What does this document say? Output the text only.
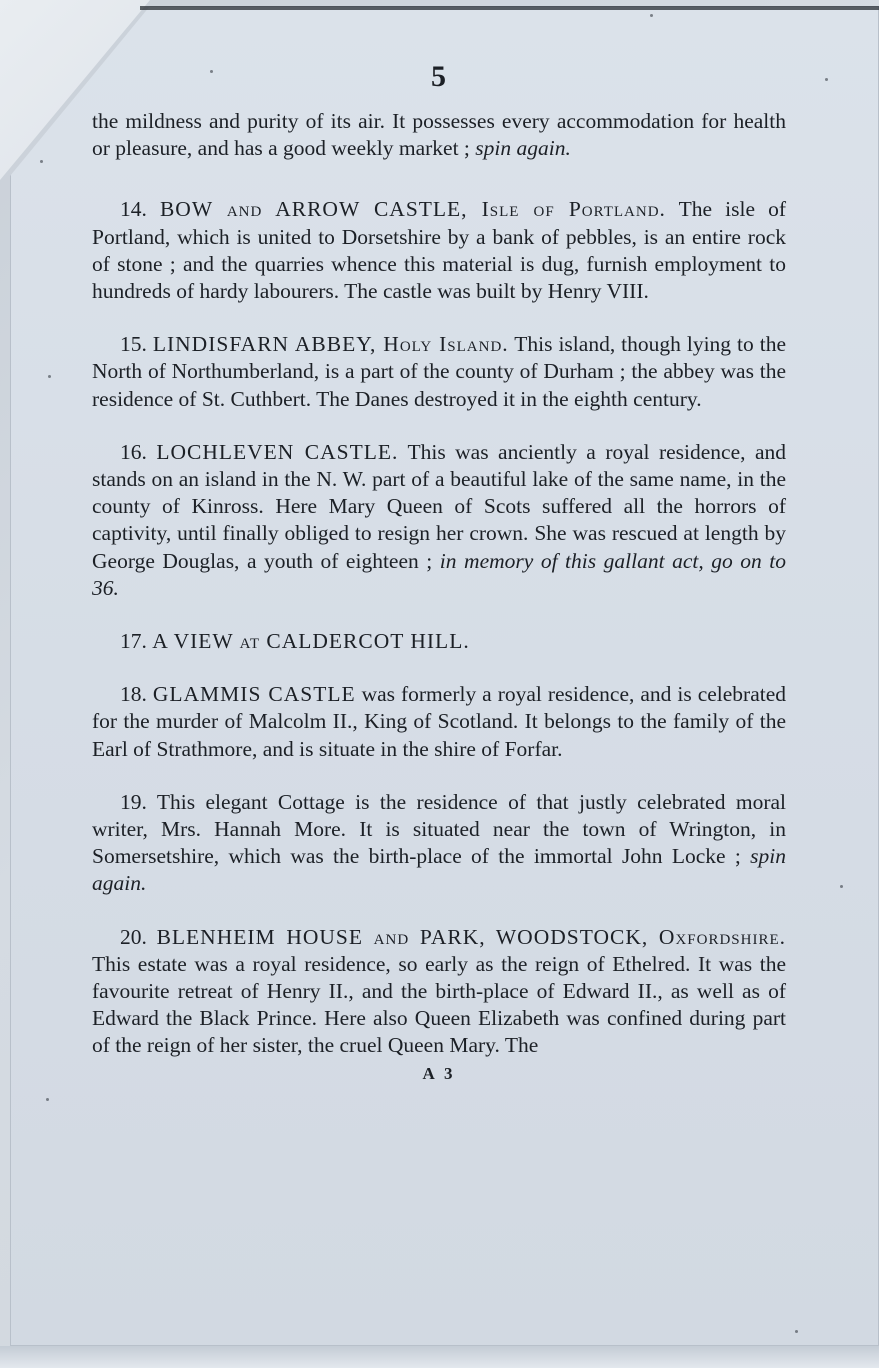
5

the mildness and purity of its air. It possesses every accommodation for health or pleasure, and has a good weekly market ; spin again.

14. BOW and ARROW CASTLE, Isle of Portland. The isle of Portland, which is united to Dorsetshire by a bank of pebbles, is an entire rock of stone ; and the quarries whence this material is dug, furnish employment to hundreds of hardy labourers. The castle was built by Henry VIII.

15. LINDISFARN ABBEY, Holy Island. This island, though lying to the North of Northumberland, is a part of the county of Durham ; the abbey was the residence of St. Cuthbert. The Danes destroyed it in the eighth century.

16. LOCHLEVEN CASTLE. This was anciently a royal residence, and stands on an island in the N. W. part of a beautiful lake of the same name, in the county of Kinross. Here Mary Queen of Scots suffered all the horrors of captivity, until finally obliged to resign her crown. She was rescued at length by George Douglas, a youth of eighteen ; in memory of this gallant act, go on to 36.

17. A VIEW at CALDERCOT HILL.

18. GLAMMIS CASTLE was formerly a royal residence, and is celebrated for the murder of Malcolm II., King of Scotland. It belongs to the family of the Earl of Strathmore, and is situate in the shire of Forfar.

19. This elegant Cottage is the residence of that justly celebrated moral writer, Mrs. Hannah More. It is situated near the town of Wrington, in Somersetshire, which was the birth-place of the immortal John Locke ; spin again.

20. BLENHEIM HOUSE and PARK, WOODSTOCK, Oxfordshire. This estate was a royal residence, so early as the reign of Ethelred. It was the favourite retreat of Henry II., and the birth-place of Edward II., as well as of Edward the Black Prince. Here also Queen Elizabeth was confined during part of the reign of her sister, the cruel Queen Mary. The

A 3
